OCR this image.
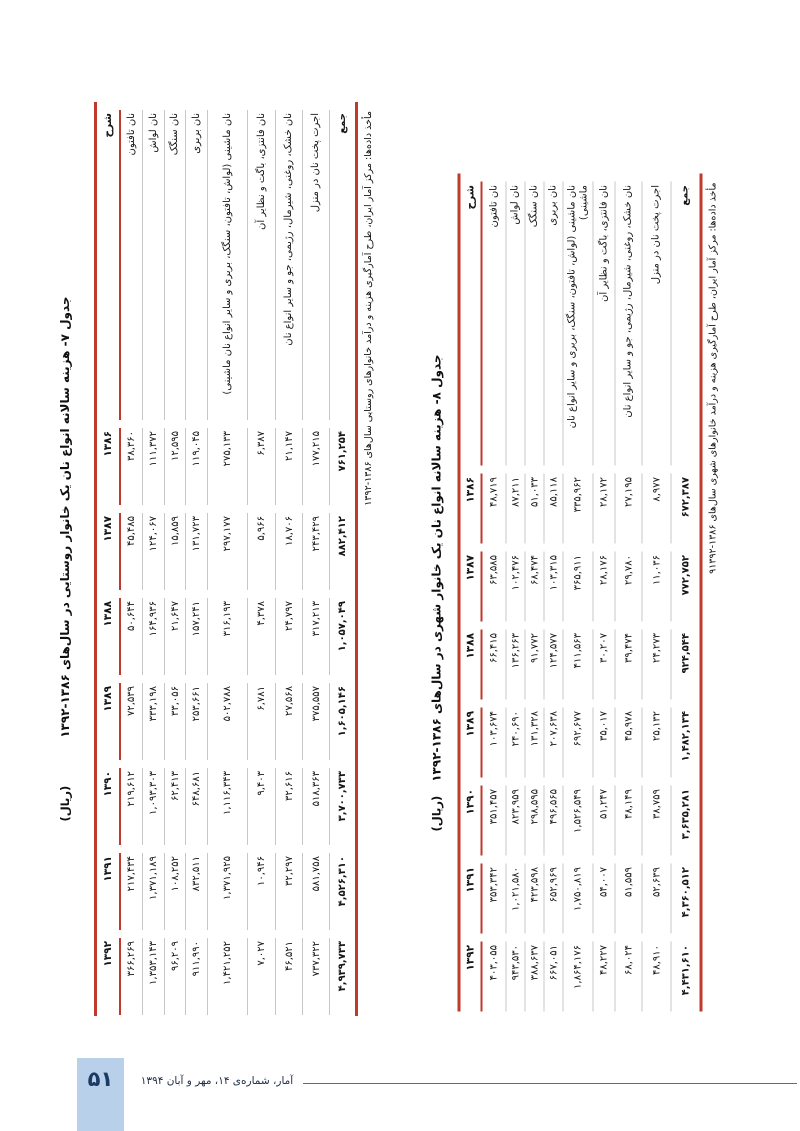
جدول ۷- هزینه سالانه انواع نان یک خانوار روستایی در سال‌های ۱۳۸۶-۱۳۹۲
(ریال)
شرح	۱۳۸۶	۱۳۸۷	۱۳۸۸	۱۳۸۹	۱۳۹۰	۱۳۹۱	۱۳۹۲
نان تافتون	۳۸,۳۶۰	۴۵,۴۸۵	۵۰,۶۴۴	۷۲,۵۳۹	۲۱۹,۶۱۲	۲۱۷,۴۳۴	۳۶۶,۲۶۹
نان لواش	۱۱۱,۳۷۲	۱۲۴,۰۶۷	۱۶۴,۹۳۶	۳۳۳,۱۹۸	۱,۰۹۳,۳۰۳	۱,۳۷۱,۱۸۹	۱,۳۵۳,۱۴۳
نان سنگک	۱۲,۵۹۵	۱۵,۸۵۹	۲۱,۶۴۷	۳۳,۰۵۶	۶۲,۴۱۳	۱۰۸,۲۵۲	۹۶,۲۰۹
نان بربری	۱۱۹,۰۴۵	۱۳۱,۷۲۳	۱۵۷,۲۴۱	۲۵۳,۶۶۱	۶۴۸,۶۸۱	۸۳۲,۵۱۱	۹۱۱,۹۹۰
نان ماشینی (لواش، تافتون، سنگک، بربری و سایر انواع نان ماشینی)	۲۷۵,۱۳۳	۲۹۷,۱۷۷	۳۱۶,۱۹۳	۵۰۲,۷۸۸	۱,۱۱۶,۳۴۳	۱,۳۷۱,۹۲۵	۱,۴۲۱,۲۵۲
نان فانتزی، باگت و نظایر آن	۶,۳۸۷	۵,۹۶۶	۴,۳۷۸	۶,۷۸۱	۹,۴۰۳	۱۰,۹۴۶	۷,۰۲۷
نان خشک، روغنی، شیرمال، رژیمی، جو و سایر انواع نان	۲۱,۱۴۷	۱۸,۷۰۶	۲۴,۷۹۷	۲۷,۵۶۸	۳۲,۶۱۶	۳۲,۲۹۷	۴۶,۵۲۱
اجرت پخت نان در منزل	۱۷۷,۲۱۵	۲۴۳,۴۲۹	۳۱۷,۲۱۳	۳۷۵,۵۵۷	۵۱۸,۳۶۳	۵۸۱,۷۵۸	۷۳۷,۳۲۲
جمع	۷۶۱,۲۵۴	۸۸۲,۴۱۲	۱,۰۵۷,۰۴۹	۱,۶۰۵,۱۴۶	۳,۷۰۰,۷۳۳	۴,۵۲۶,۳۱۰	۴,۹۳۹,۷۳۳
مأخذ داده‌ها: مرکز آمار ایران، طرح آمارگیری هزینه و درآمد خانوارهای روستایی سال‌های ۱۳۸۶-۱۳۹۲
جدول ۸- هزینه سالانه انواع نان یک خانوار شهری در سال‌های ۱۳۸۶-۱۳۹۲
(ریال)
شرح	۱۳۸۶	۱۳۸۷	۱۳۸۸	۱۳۸۹	۱۳۹۰	۱۳۹۱	۱۳۹۲
نان تافتون	۴۸,۷۱۹	۶۳,۵۸۵	۶۶,۴۱۵	۱۰۳,۶۷۴	۳۵۱,۴۵۷	۳۵۳,۳۴۲	۴۰۳,۰۵۵
نان لواش	۸۷,۲۱۱	۱۰۲,۴۷۶	۱۳۶,۲۶۳	۲۴۰,۶۹۰	۸۲۳,۹۵۹	۱,۰۲۱,۵۸۰	۹۴۳,۵۳۰
نان سنگک	۵۱,۰۳۳	۶۸,۴۷۴	۹۱,۷۷۲	۱۳۱,۳۲۸	۲۹۸,۵۹۵	۴۲۳,۵۹۸	۳۸۸,۶۳۷
نان بربری	۸۵,۱۱۸	۱۰۳,۳۱۵	۱۲۴,۵۷۷	۲۰۷,۶۳۸	۴۹۶,۵۶۵	۶۵۲,۹۶۹	۶۶۷,۰۵۱
نان ماشینی (لواش، تافتون، سنگک، بربری و سایر انواع نان ماشینی)	۳۳۵,۹۶۲	۳۶۵,۹۱۱	۴۱۱,۵۶۳	۶۹۲,۶۷۷	۱,۵۲۶,۵۴۹	۱,۷۵۰,۸۱۹	۱,۸۶۴,۱۷۶
نان فانتزی، باگت و نظایر آن	۲۸,۱۷۲	۲۸,۱۷۶	۳۰,۲۰۷	۳۵,۰۱۷	۵۱,۲۴۷	۵۴,۰۰۷	۴۸,۲۲۷
نان خشک، روغنی، شیرمال، رژیمی، جو و سایر انواع نان	۲۷,۱۹۵	۲۹,۷۸۰	۳۹,۴۷۴	۴۵,۹۷۸	۴۸,۱۴۹	۵۱,۵۵۹	۶۸,۰۲۴
اجرت پخت نان در منزل	۸,۹۷۷	۱۱,۰۳۶	۲۴,۲۷۳	۲۵,۱۳۲	۳۸,۷۵۹	۵۲,۶۳۹	۴۸,۹۱۰
جمع	۶۷۲,۳۸۷	۷۷۲,۷۵۲	۹۲۴,۵۴۴	۱,۴۸۲,۱۳۴	۳,۶۳۵,۲۸۱	۴,۳۶۰,۵۱۲	۴,۴۳۱,۶۱۰
مأخذ داده‌ها: مرکز آمار ایران، طرح آمارگیری هزینه و درآمد خانوارهای شهری سال‌های ۱۳۸۶-۹۱۳۹۲
۵۱	آمار، شماره‌ی ۱۴، مهر و آبان ۱۳۹۴
